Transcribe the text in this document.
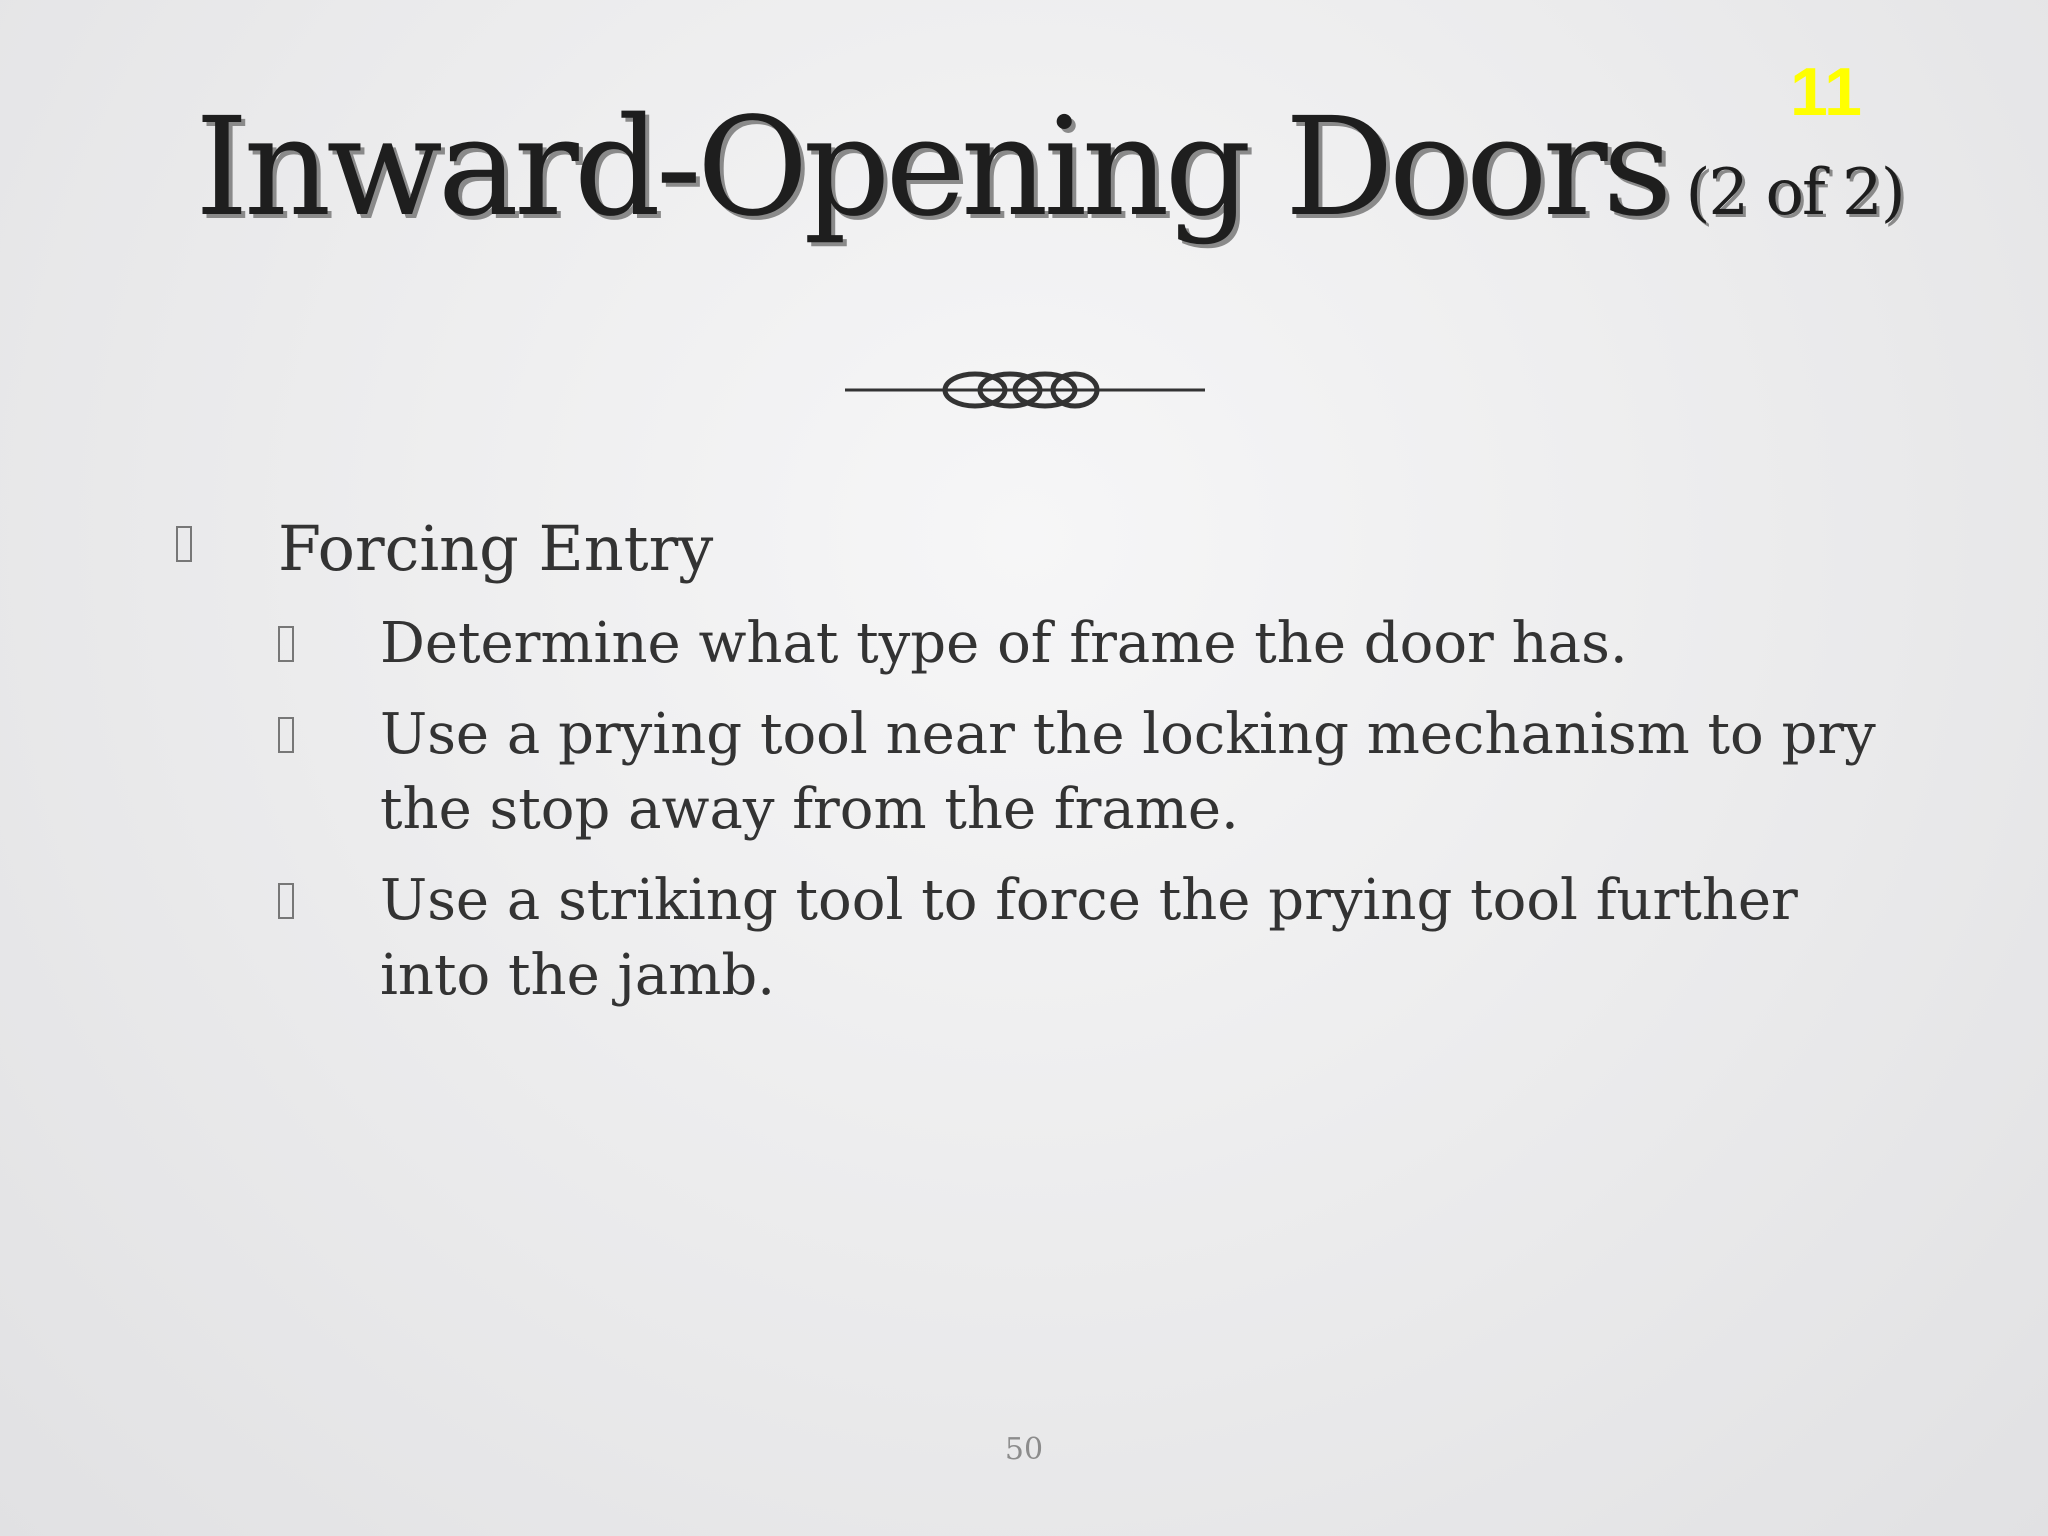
11
Inward-Opening Doors (2 of 2)
Forcing Entry
Determine what type of frame the door has.
Use a prying tool near the locking mechanism to pry the stop away from the frame.
Use a striking tool to force the prying tool further into the jamb.
50
